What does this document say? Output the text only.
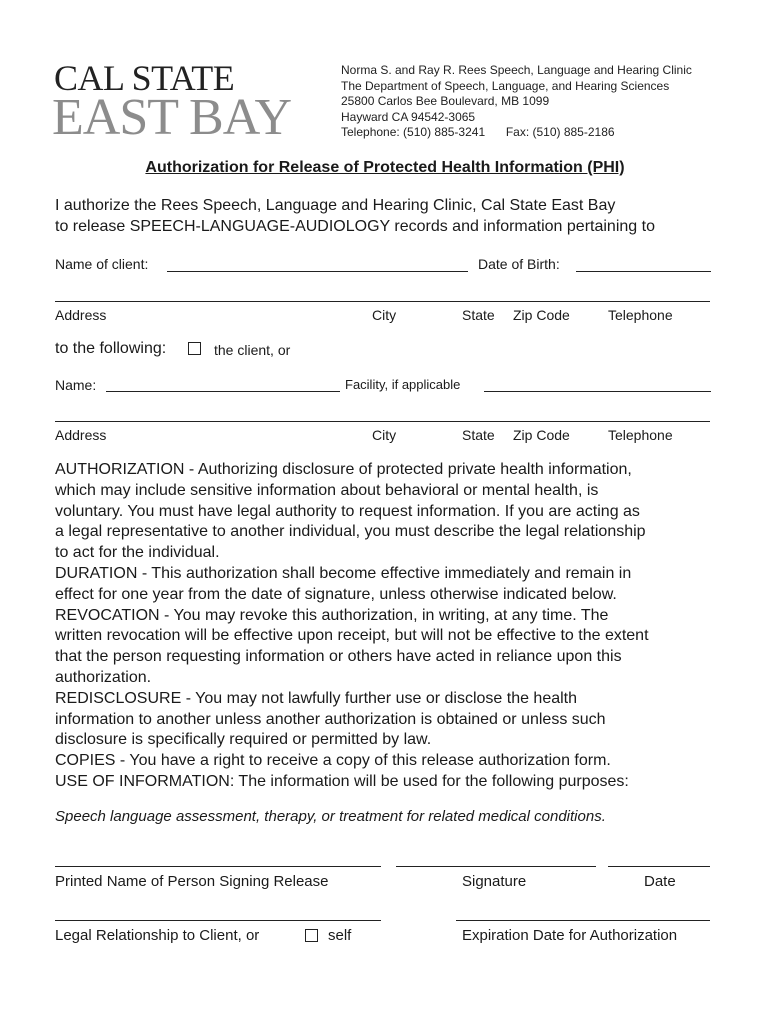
CAL STATE
EAST BAY
Norma S. and Ray R. Rees Speech, Language and Hearing Clinic
The Department of Speech, Language, and Hearing Sciences
25800 Carlos Bee Boulevard, MB 1099
Hayward CA 94542-3065
Telephone: (510) 885-3241 Fax: (510) 885-2186
Authorization for Release of Protected Health Information (PHI)
I authorize the Rees Speech, Language and Hearing Clinic, Cal State East Bay
to release SPEECH-LANGUAGE-AUDIOLOGY records and information pertaining to
Name of client:	Date of Birth:
Address	City	State Zip Code	Telephone
to the following:	the client, or
Name:	Facility, if applicable
Address	City	State Zip Code	Telephone

AUTHORIZATION - Authorizing disclosure of protected private health information,
which may include sensitive information about behavioral or mental health, is
voluntary. You must have legal authority to request information. If you are acting as
a legal representative to another individual, you must describe the legal relationship
to act for the individual.

DURATION - This authorization shall become effective immediately and remain in
effect for one year from the date of signature, unless otherwise indicated below.

REVOCATION - You may revoke this authorization, in writing, at any time. The
written revocation will be effective upon receipt, but will not be effective to the extent
that the person requesting information or others have acted in reliance upon this
authorization.

REDISCLOSURE - You may not lawfully further use or disclose the health
information to another unless another authorization is obtained or unless such
disclosure is specifically required or permitted by law.

COPIES - You have a right to receive a copy of this release authorization form.

USE OF INFORMATION: The information will be used for the following purposes:

Speech language assessment, therapy, or treatment for related medical conditions.
Printed Name of Person Signing Release	Signature	Date
Legal Relationship to Client, or	self	Expiration Date for Authorization
